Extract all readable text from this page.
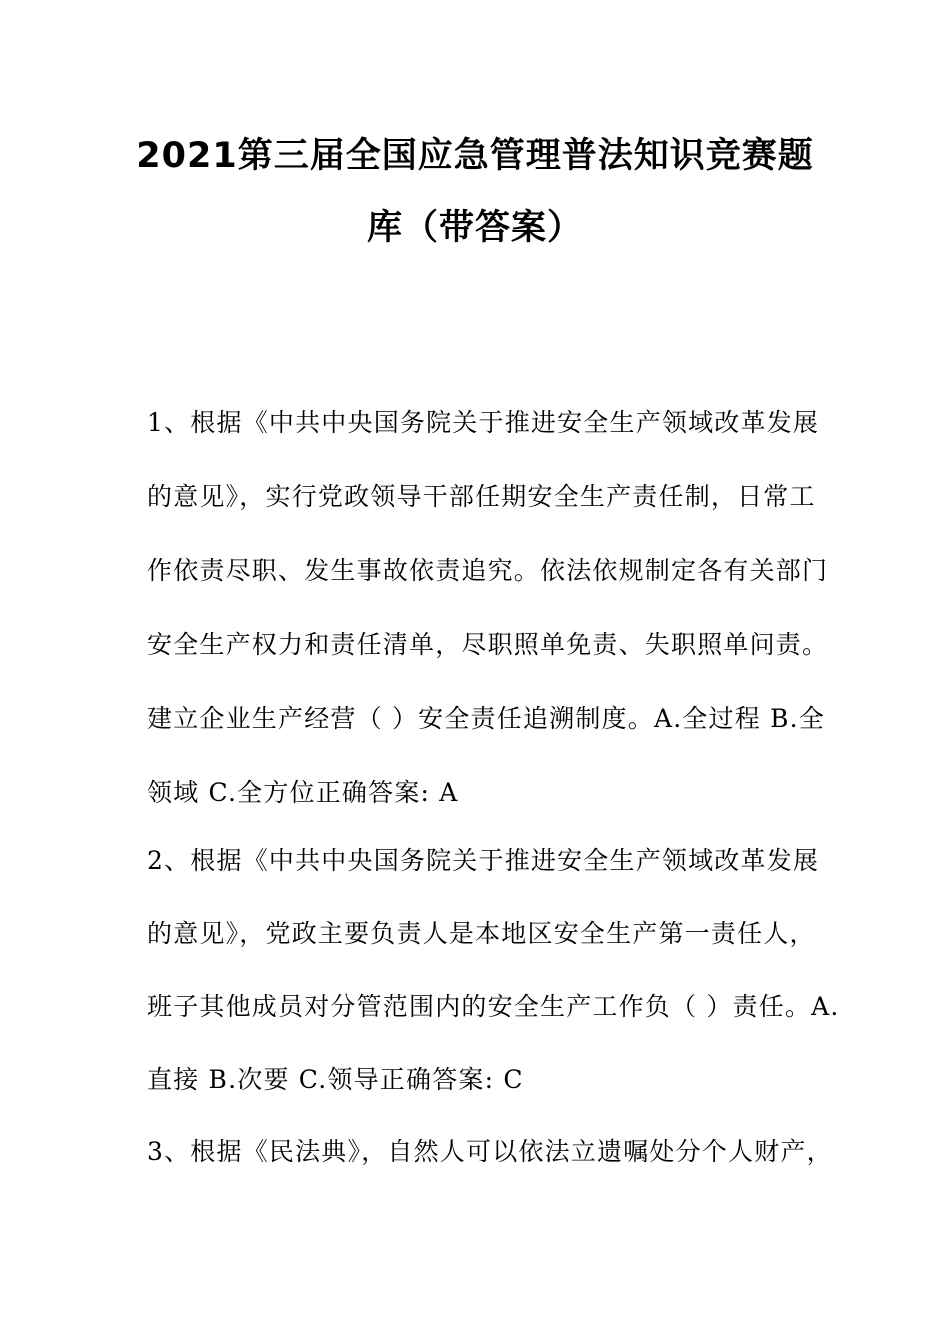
2021第三届全国应急管理普法知识竞赛题
库（带答案）
1、根据《中共中央国务院关于推进安全生产领域改革发展
的意见》，实行党政领导干部任期安全生产责任制，日常工
作依责尽职、发生事故依责追究。依法依规制定各有关部门
安全生产权力和责任清单，尽职照单免责、失职照单问责。
建立企业生产经营（ ）安全责任追溯制度。A.全过程 B.全
领域 C.全方位正确答案: A
2、根据《中共中央国务院关于推进安全生产领域改革发展
的意见》，党政主要负责人是本地区安全生产第一责任人，
班子其他成员对分管范围内的安全生产工作负（ ）责任。A.
直接 B.次要 C.领导正确答案: C
3、根据《民法典》，自然人可以依法立遗嘱处分个人财产，
